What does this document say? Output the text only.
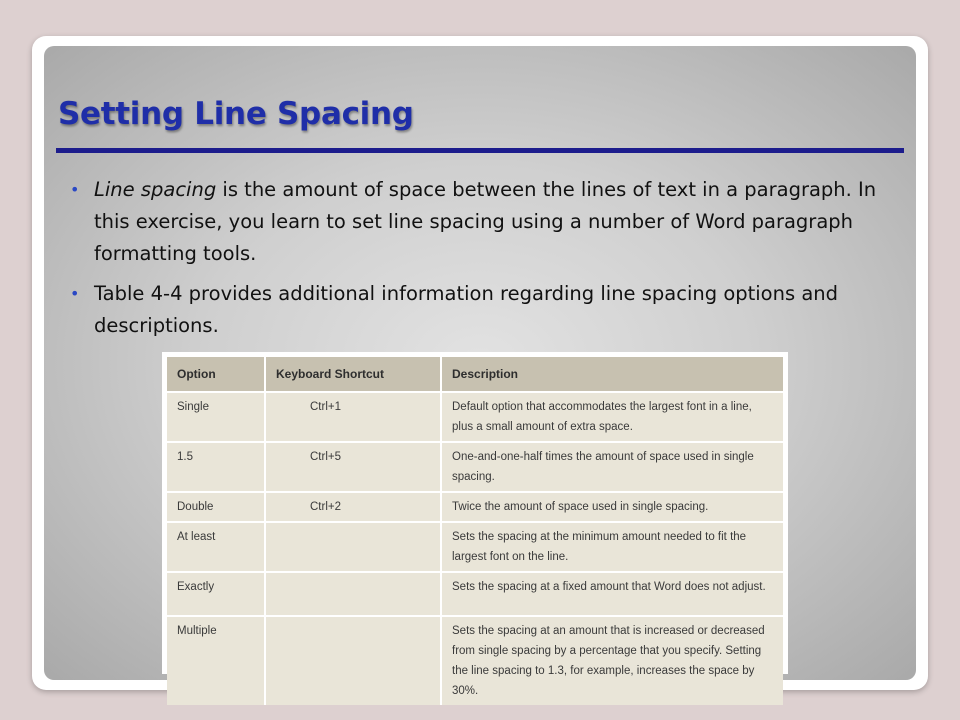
Setting Line Spacing
• Line spacing is the amount of space between the lines of text in a paragraph. In this exercise, you learn to set line spacing using a number of Word paragraph formatting tools.
• Table 4-4 provides additional information regarding line spacing options and descriptions.
Option	Keyboard Shortcut	Description
Single	Ctrl+1	Default option that accommodates the largest font in a line, plus a small amount of extra space.
1.5	Ctrl+5	One-and-one-half times the amount of space used in single spacing.
Double	Ctrl+2	Twice the amount of space used in single spacing.
At least		Sets the spacing at the minimum amount needed to fit the largest font on the line.
Exactly		Sets the spacing at a fixed amount that Word does not adjust.
Multiple		Sets the spacing at an amount that is increased or decreased from single spacing by a percentage that you specify. Setting the line spacing to 1.3, for example, increases the space by 30%.
